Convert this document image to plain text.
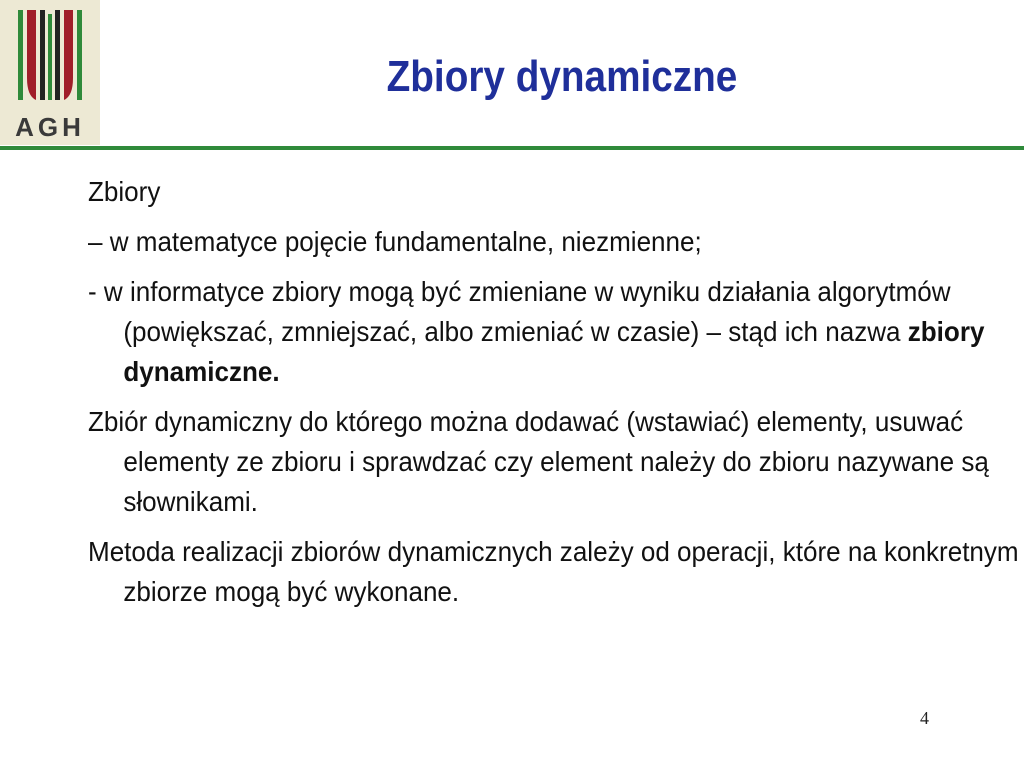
AGH
Zbiory dynamiczne

Zbiory

– w matematyce pojęcie fundamentalne, niezmienne;

- w informatyce zbiory mogą być zmieniane w wyniku działania algorytmów (powiększać, zmniejszać, albo zmieniać w czasie) – stąd ich nazwa zbiory dynamiczne.

Zbiór dynamiczny do którego można dodawać (wstawiać) elementy, usuwać elementy ze zbioru i sprawdzać czy element należy do zbioru nazywane są słownikami.

Metoda realizacji zbiorów dynamicznych zależy od operacji, które na konkretnym zbiorze mogą być wykonane.

4
